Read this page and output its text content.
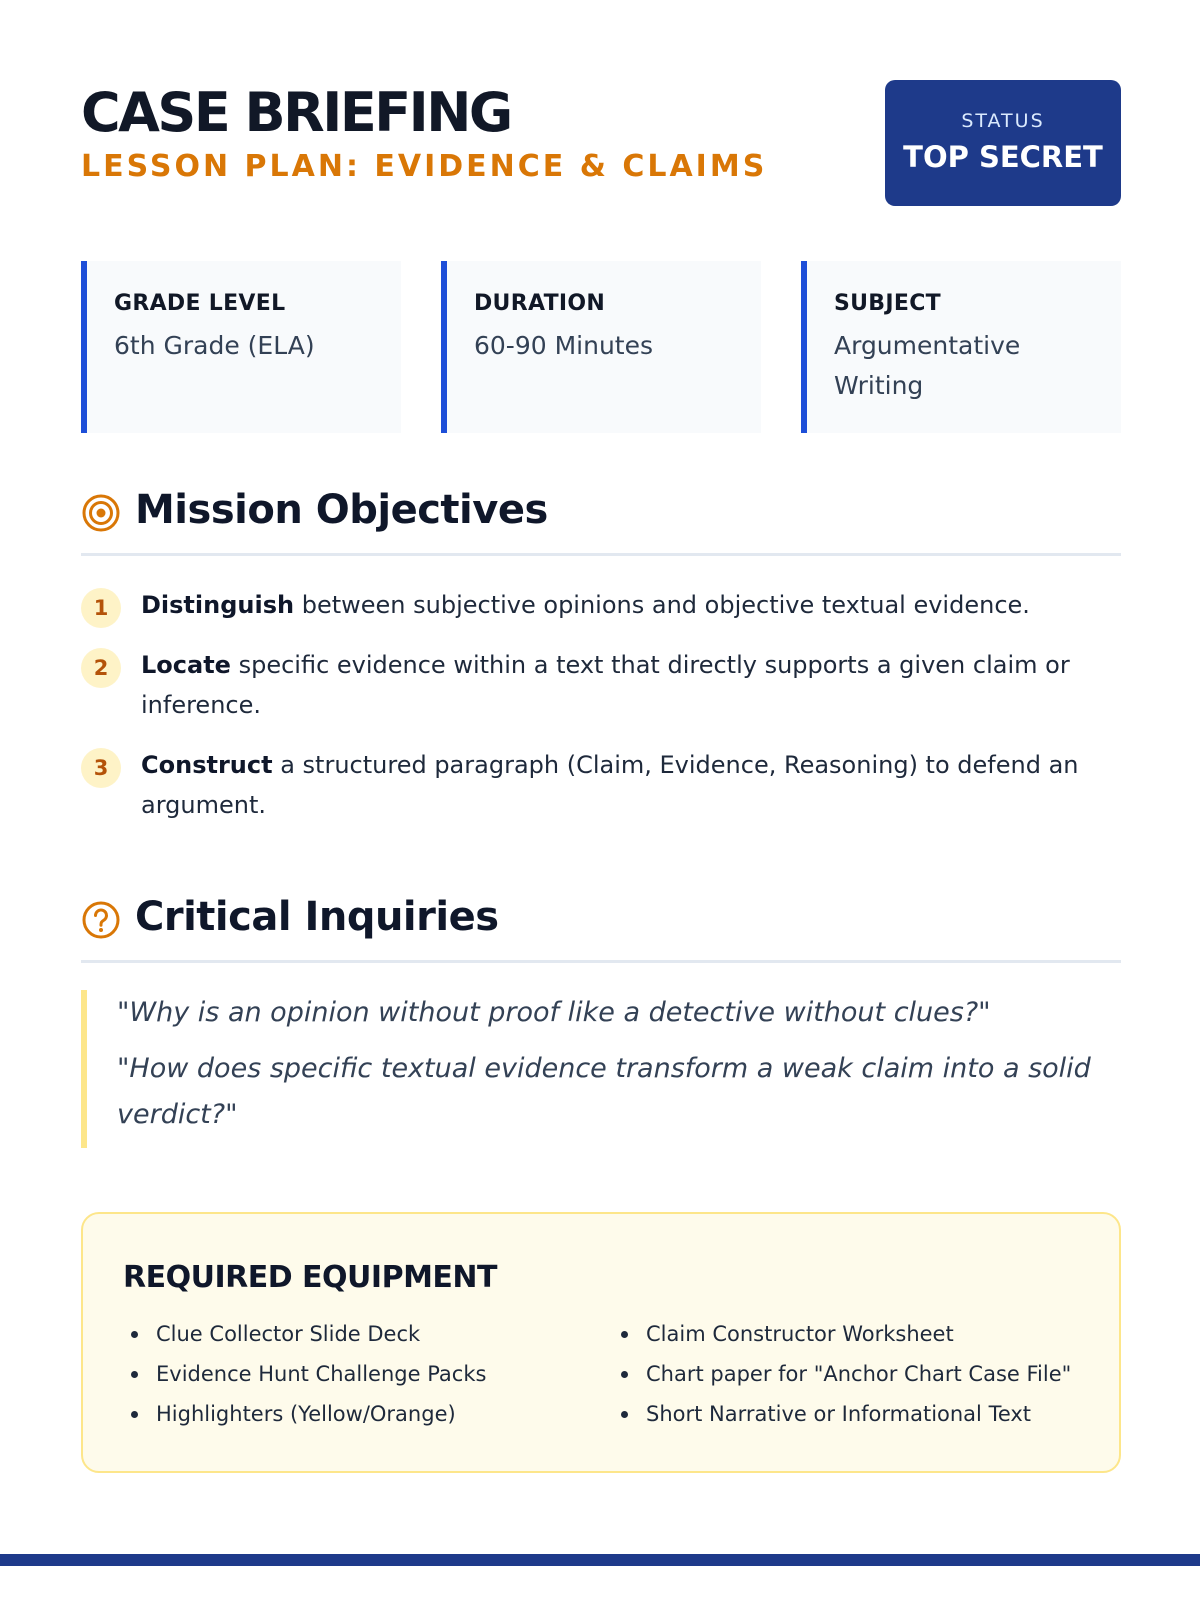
CASE BRIEFING

LESSON PLAN: EVIDENCE & CLAIMS

STATUS
TOP SECRET

GRADE LEVEL

6th Grade (ELA)

DURATION

60-90 Minutes

SUBJECT

Argumentative Writing

Mission Objectives
1	Distinguish between subjective opinions and objective textual evidence.
2	Locate specific evidence within a text that directly supports a given claim or inference.
3	Construct a structured paragraph (Claim, Evidence, Reasoning) to defend an argument.
Critical Inquiries

"Why is an opinion without proof like a detective without clues?"

"How does specific textual evidence transform a weak claim into a solid verdict?"

REQUIRED EQUIPMENT
Clue Collector Slide Deck
Evidence Hunt Challenge Packs
Highlighters (Yellow/Orange)
Claim Constructor Worksheet
Chart paper for "Anchor Chart Case File"
Short Narrative or Informational Text
